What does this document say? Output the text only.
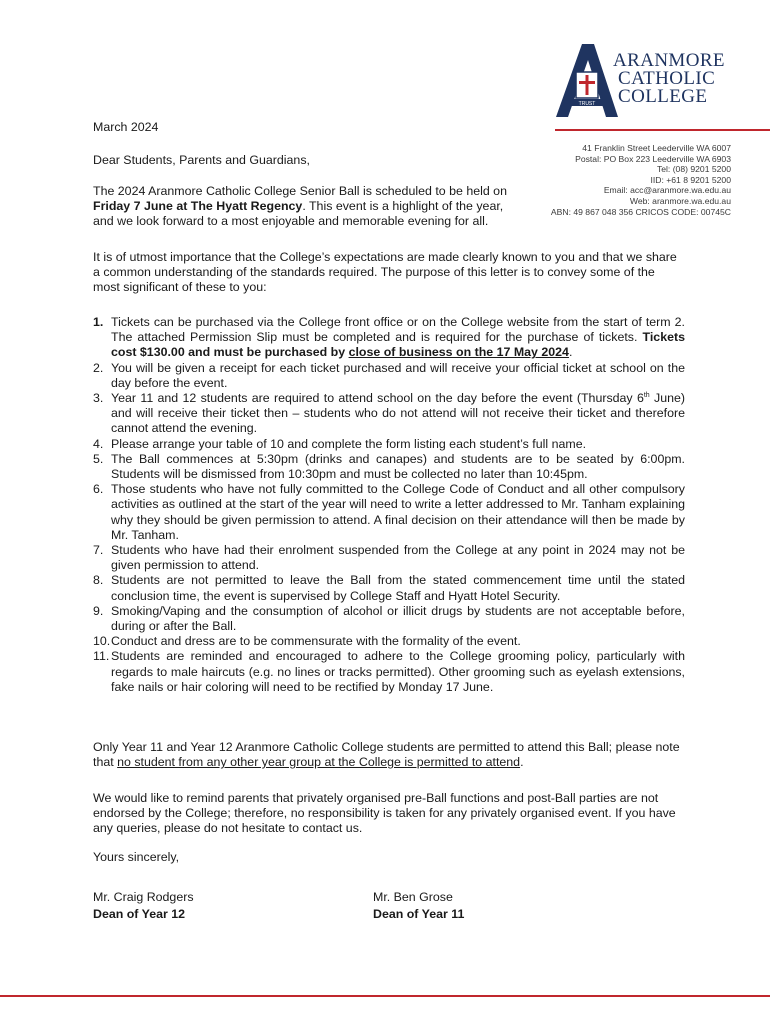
TRUST
ARANMORE
CATHOLIC
COLLEGE
41 Franklin Street Leederville WA 6007
Postal: PO Box 223 Leederville WA 6903
Tel: (08) 9201 5200
IID: +61 8 9201 5200
Email: acc@aranmore.wa.edu.au
Web: aranmore.wa.edu.au
ABN: 49 867 048 356 CRICOS CODE: 00745C
March 2024
Dear Students, Parents and Guardians,
The 2024 Aranmore Catholic College Senior Ball is scheduled to be held on Friday 7 June at The Hyatt Regency. This event is a highlight of the year, and we look forward to a most enjoyable and memorable evening for all.
It is of utmost importance that the College’s expectations are made clearly known to you and that we share a common understanding of the standards required. The purpose of this letter is to convey some of the most significant of these to you:
1. Tickets can be purchased via the College front office or on the College website from the start of term 2. The attached Permission Slip must be completed and is required for the purchase of tickets. Tickets cost $130.00 and must be purchased by close of business on the 17 May 2024.
2. You will be given a receipt for each ticket purchased and will receive your official ticket at school on the day before the event.
3. Year 11 and 12 students are required to attend school on the day before the event (Thursday 6th June) and will receive their ticket then – students who do not attend will not receive their ticket and therefore cannot attend the evening.
4. Please arrange your table of 10 and complete the form listing each student’s full name.
5. The Ball commences at 5:30pm (drinks and canapes) and students are to be seated by 6:00pm. Students will be dismissed from 10:30pm and must be collected no later than 10:45pm.
6. Those students who have not fully committed to the College Code of Conduct and all other compulsory activities as outlined at the start of the year will need to write a letter addressed to Mr. Tanham explaining why they should be given permission to attend. A final decision on their attendance will then be made by Mr. Tanham.
7. Students who have had their enrolment suspended from the College at any point in 2024 may not be given permission to attend.
8. Students are not permitted to leave the Ball from the stated commencement time until the stated conclusion time, the event is supervised by College Staff and Hyatt Hotel Security.
9. Smoking/Vaping and the consumption of alcohol or illicit drugs by students are not acceptable before, during or after the Ball.
10. Conduct and dress are to be commensurate with the formality of the event.
11. Students are reminded and encouraged to adhere to the College grooming policy, particularly with regards to male haircuts (e.g. no lines or tracks permitted). Other grooming such as eyelash extensions, fake nails or hair coloring will need to be rectified by Monday 17 June.
Only Year 11 and Year 12 Aranmore Catholic College students are permitted to attend this Ball; please note that no student from any other year group at the College is permitted to attend.
We would like to remind parents that privately organised pre-Ball functions and post-Ball parties are not endorsed by the College; therefore, no responsibility is taken for any privately organised event. If you have any queries, please do not hesitate to contact us.
Yours sincerely,
Mr. Craig Rodgers
Dean of Year 12
Mr. Ben Grose
Dean of Year 11
